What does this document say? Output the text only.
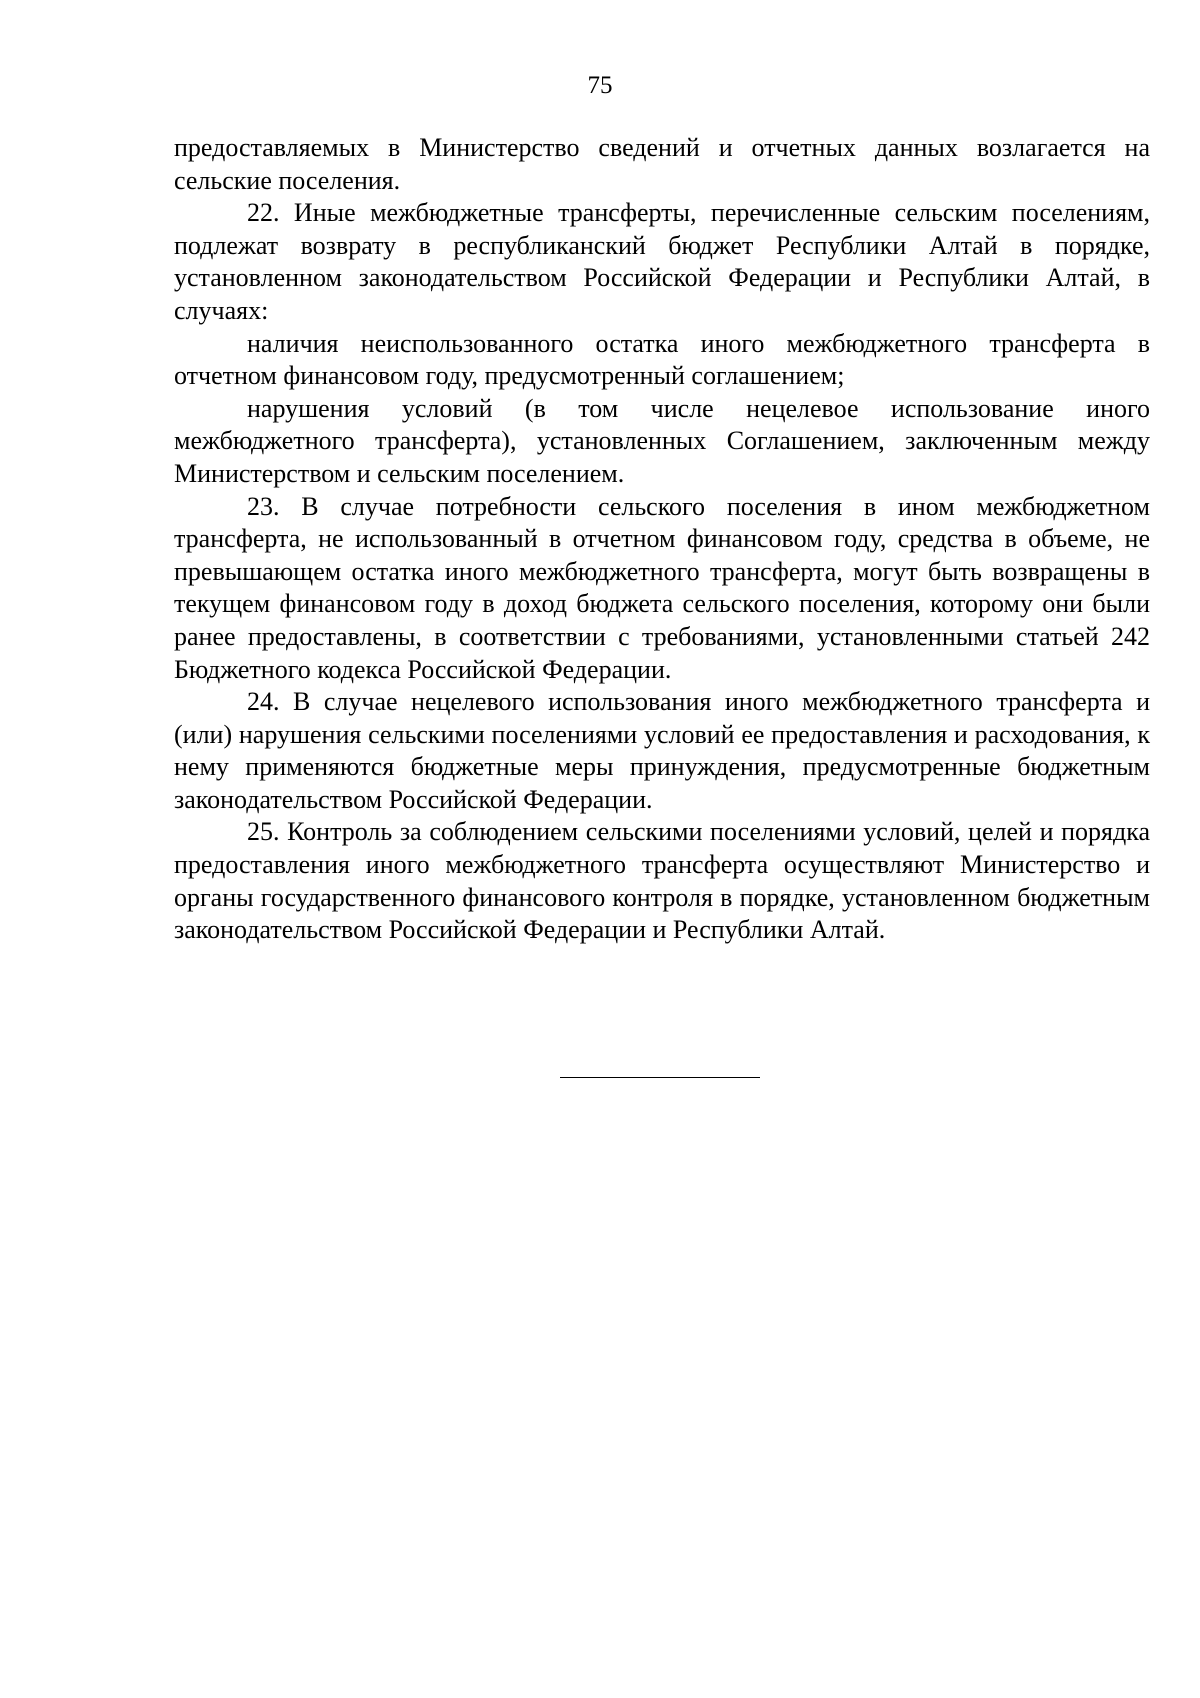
75

предоставляемых в Министерство сведений и отчетных данных возлагается на сельские поселения.

22. Иные межбюджетные трансферты, перечисленные сельским поселениям, подлежат возврату в республиканский бюджет Республики Алтай в порядке, установленном законодательством Российской Федерации и Республики Алтай, в случаях:

наличия неиспользованного остатка иного межбюджетного трансферта в отчетном финансовом году, предусмотренный соглашением;

нарушения условий (в том числе нецелевое использование иного межбюджетного трансферта), установленных Соглашением, заключенным между Министерством и сельским поселением.

23. В случае потребности сельского поселения в ином межбюджетном трансферта, не использованный в отчетном финансовом году, средства в объеме, не превышающем остатка иного межбюджетного трансферта, могут быть возвращены в текущем финансовом году в доход бюджета сельского поселения, которому они были ранее предоставлены, в соответствии с требованиями, установленными статьей 242 Бюджетного кодекса Российской Федерации.

24. В случае нецелевого использования иного межбюджетного трансферта и (или) нарушения сельскими поселениями условий ее предоставления и расходования, к нему применяются бюджетные меры принуждения, предусмотренные бюджетным законодательством Российской Федерации.

25. Контроль за соблюдением сельскими поселениями условий, целей и порядка предоставления иного межбюджетного трансферта осуществляют Министерство и органы государственного финансового контроля в порядке, установленном бюджетным законодательством Российской Федерации и Республики Алтай.
